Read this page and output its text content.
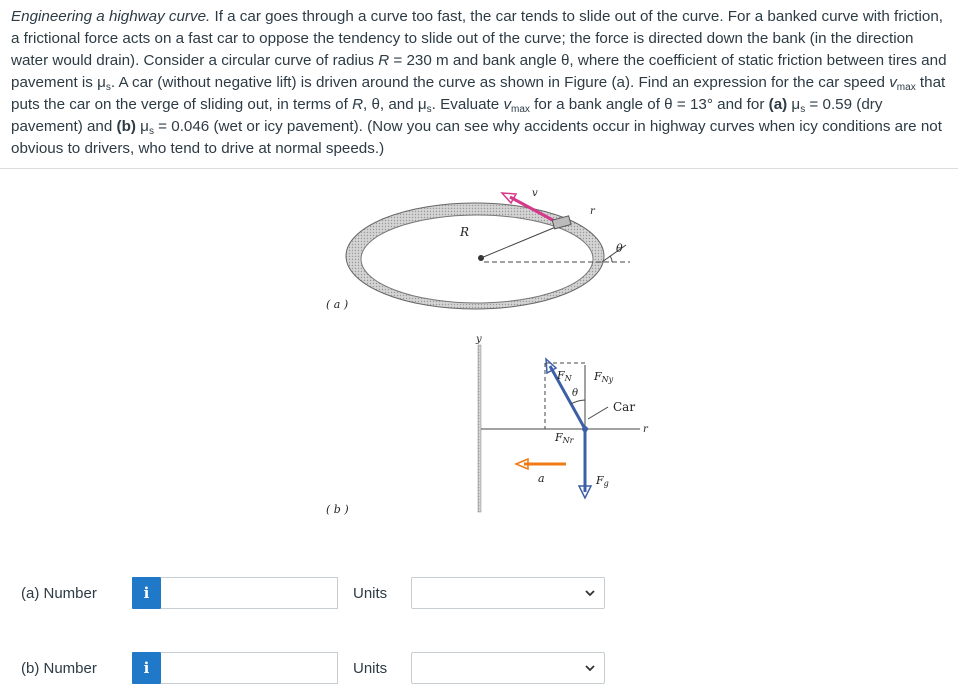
Engineering a highway curve. If a car goes through a curve too fast, the car tends to slide out of the curve. For a banked curve with friction, a frictional force acts on a fast car to oppose the tendency to slide out of the curve; the force is directed down the bank (in the direction water would drain). Consider a circular curve of radius R = 230 m and bank angle θ, where the coefficient of static friction between tires and pavement is $\mu_s$. A car (without negative lift) is driven around the curve as shown in Figure (a). Find an expression for the car speed $v_{max}$ that puts the car on the verge of sliding out, in terms of R, θ, and $\mu_s$. Evaluate $v_{max}$ for a bank angle of θ = 13° and for (a) $\mu_s = 0.59$ (dry pavement) and (b) $\mu_s = 0.046$ (wet or icy pavement). (Now you can see why accidents occur in highway curves when icy conditions are not obvious to drivers, who tend to drive at normal speeds.)
v
r
R
θ
( a )
y
r
FN FNy
θ
Car
FNr
a	Fg
( b )
(a) Number	i	Units
(b) Number	i	Units
